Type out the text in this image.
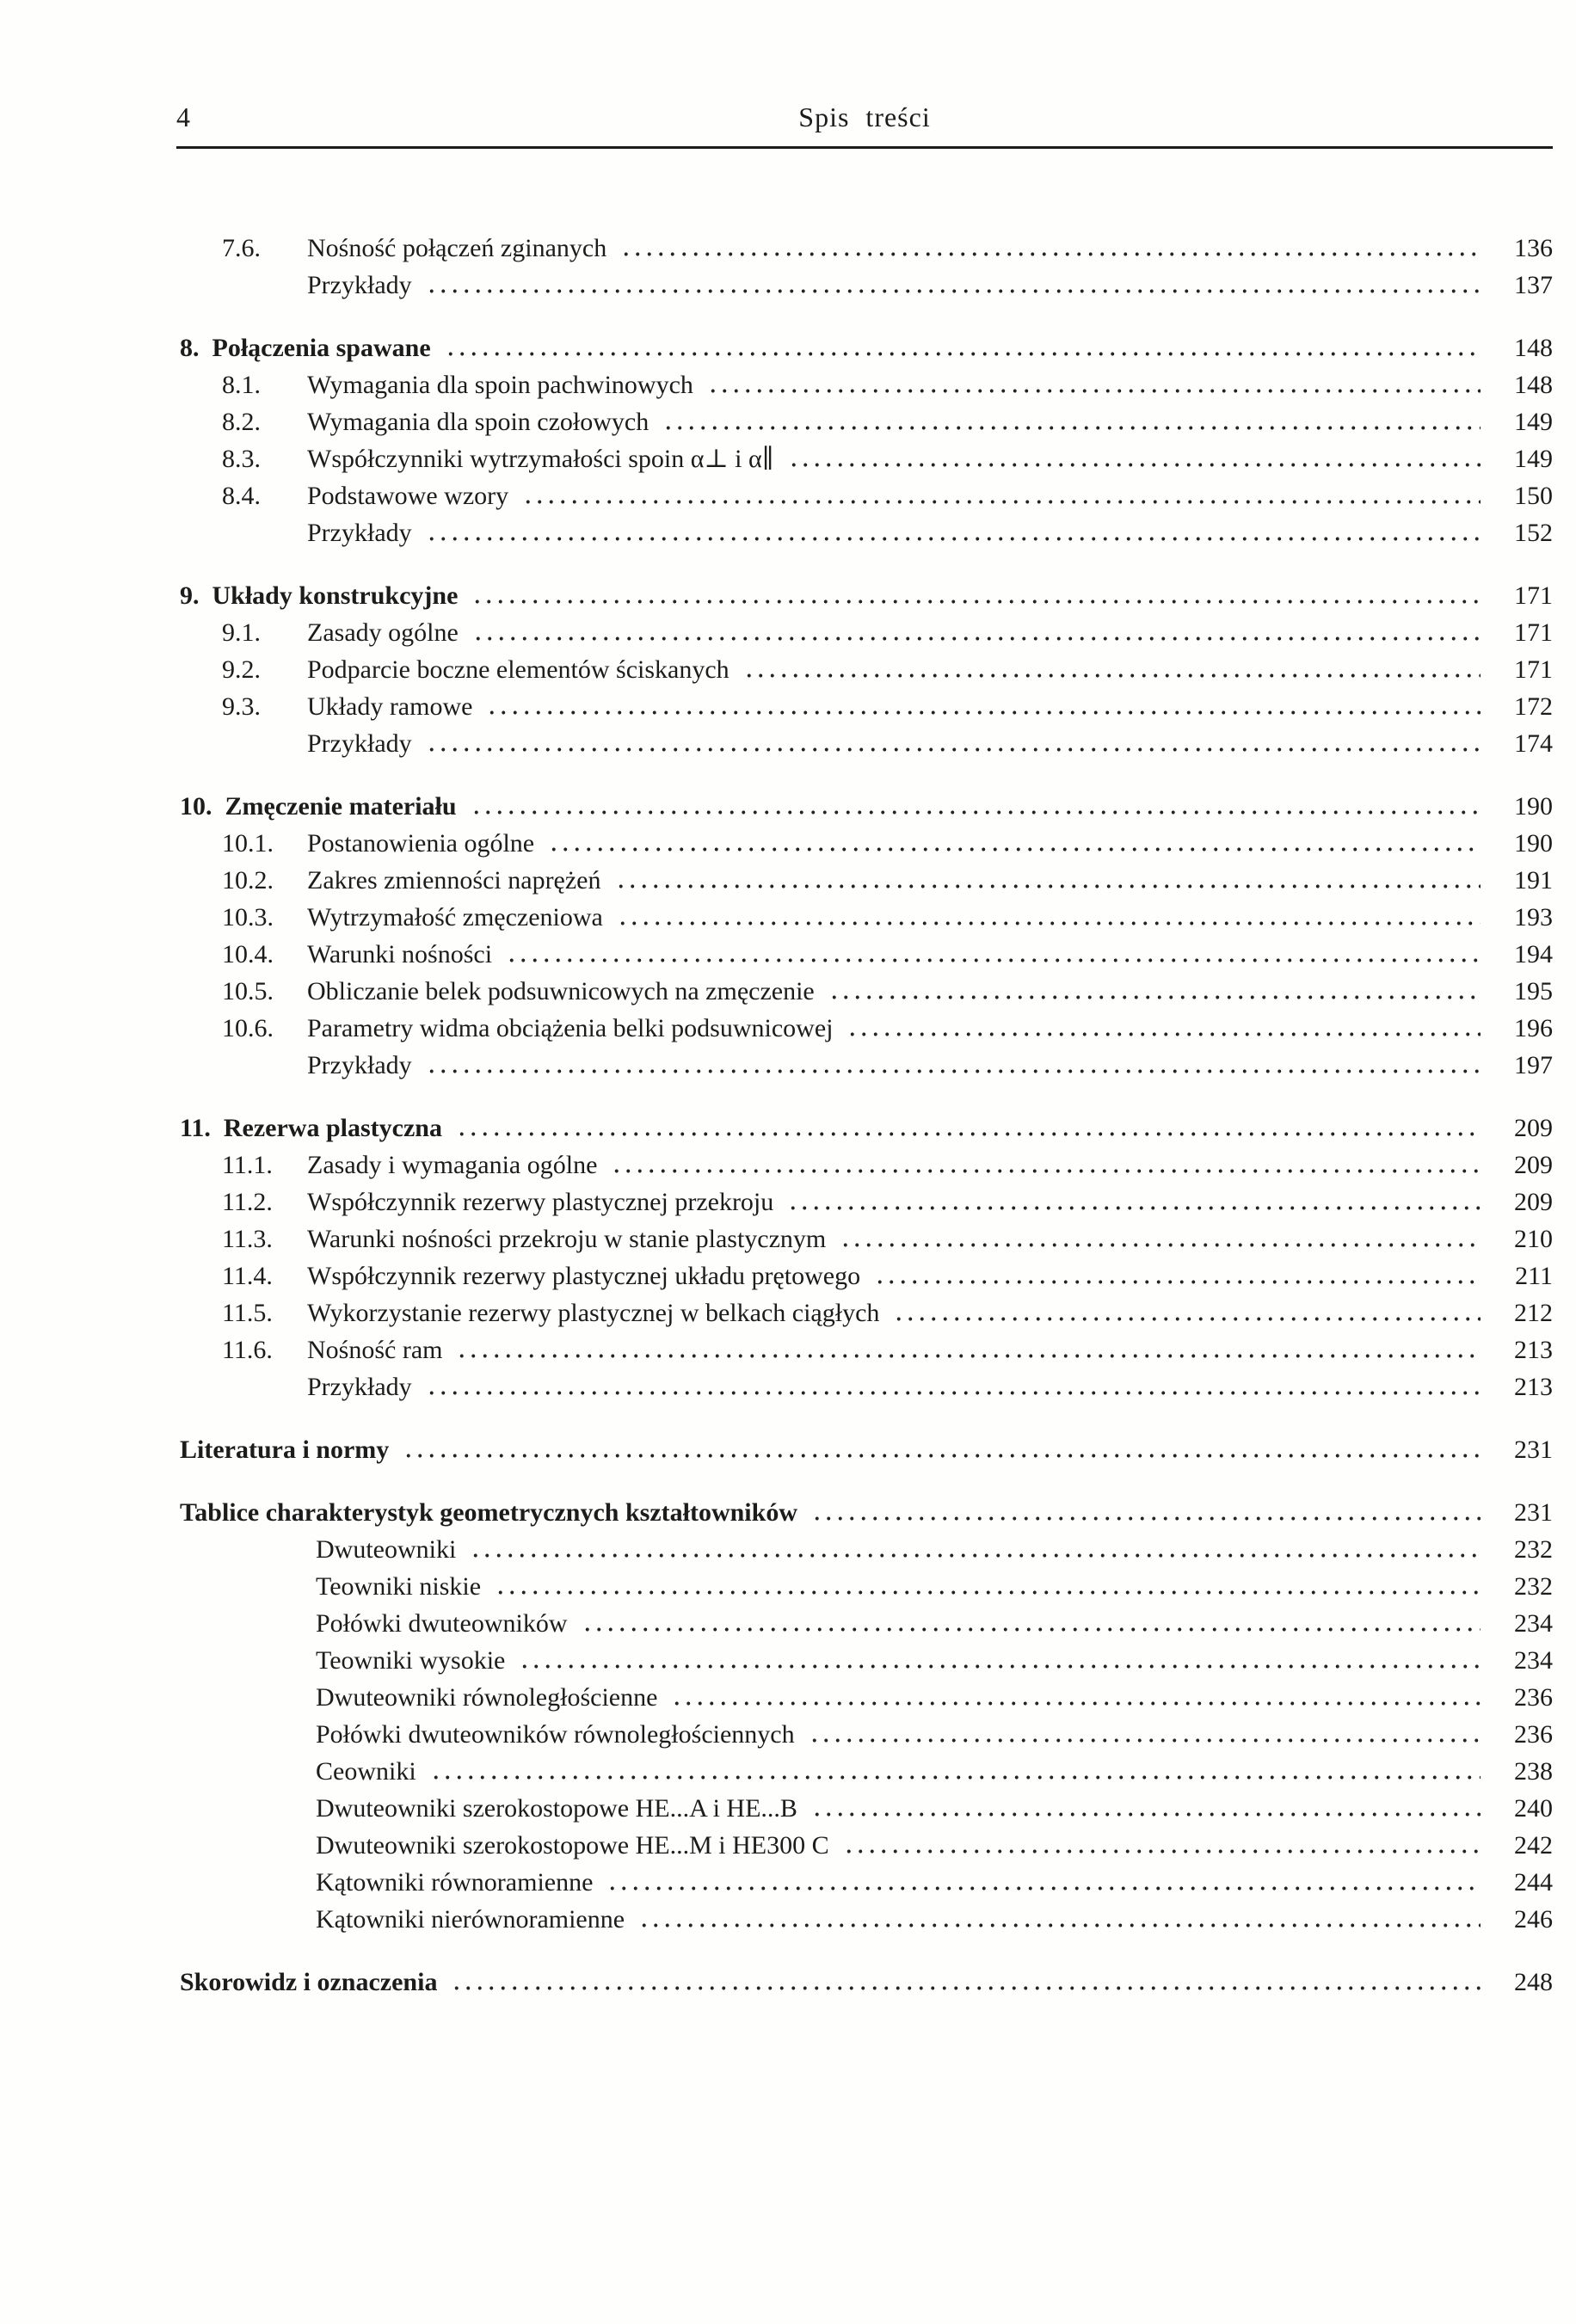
4	Spis treści
7.6.	Nośność połączeń zginanych	136
Przykłady	137
8. Połączenia spawane	148
8.1.	Wymagania dla spoin pachwinowych	148
8.2.	Wymagania dla spoin czołowych	149
8.3.	Współczynniki wytrzymałości spoin α⊥ i α∥	149
8.4.	Podstawowe wzory	150
Przykłady	152
9. Układy konstrukcyjne	171
9.1.	Zasady ogólne	171
9.2.	Podparcie boczne elementów ściskanych	171
9.3.	Układy ramowe	172
Przykłady	174
10. Zmęczenie materiału	190
10.1.	Postanowienia ogólne	190
10.2.	Zakres zmienności naprężeń	191
10.3.	Wytrzymałość zmęczeniowa	193
10.4.	Warunki nośności	194
10.5.	Obliczanie belek podsuwnicowych na zmęczenie	195
10.6.	Parametry widma obciążenia belki podsuwnicowej	196
Przykłady	197
11. Rezerwa plastyczna	209
11.1.	Zasady i wymagania ogólne	209
11.2.	Współczynnik rezerwy plastycznej przekroju	209
11.3.	Warunki nośności przekroju w stanie plastycznym	210
11.4.	Współczynnik rezerwy plastycznej układu prętowego	211
11.5.	Wykorzystanie rezerwy plastycznej w belkach ciągłych	212
11.6.	Nośność ram	213
Przykłady	213
Literatura i normy	231
Tablice charakterystyk geometrycznych kształtowników	231
Dwuteowniki	232
Teowniki niskie	232
Połówki dwuteowników	234
Teowniki wysokie	234
Dwuteowniki równoległościenne	236
Połówki dwuteowników równoległościennych	236
Ceowniki	238
Dwuteowniki szerokostopowe HE...A i HE...B	240
Dwuteowniki szerokostopowe HE...M i HE300 C	242
Kątowniki równoramienne	244
Kątowniki nierównoramienne	246
Skorowidz i oznaczenia	248
